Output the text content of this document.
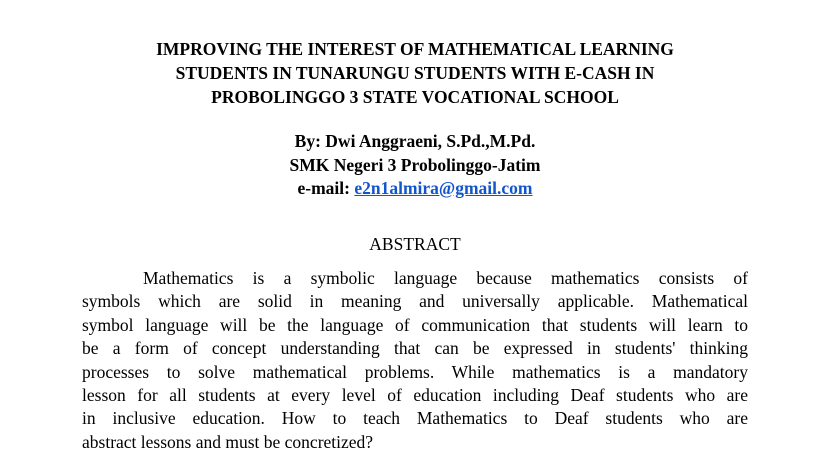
IMPROVING THE INTEREST OF MATHEMATICAL LEARNING
STUDENTS IN TUNARUNGU STUDENTS WITH E-CASH IN
PROBOLINGGO 3 STATE VOCATIONAL SCHOOL
By: Dwi Anggraeni, S.Pd.,M.Pd.
SMK Negeri 3 Probolinggo-Jatim
e-mail: e2n1almira@gmail.com
ABSTRACT
Mathematics is a symbolic language because mathematics consists of
symbols which are solid in meaning and universally applicable. Mathematical
symbol language will be the language of communication that students will learn to
be a form of concept understanding that can be expressed in students' thinking
processes to solve mathematical problems. While mathematics is a mandatory
lesson for all students at every level of education including Deaf students who are
in inclusive education. How to teach Mathematics to Deaf students who are
abstract lessons and must be concretized?
